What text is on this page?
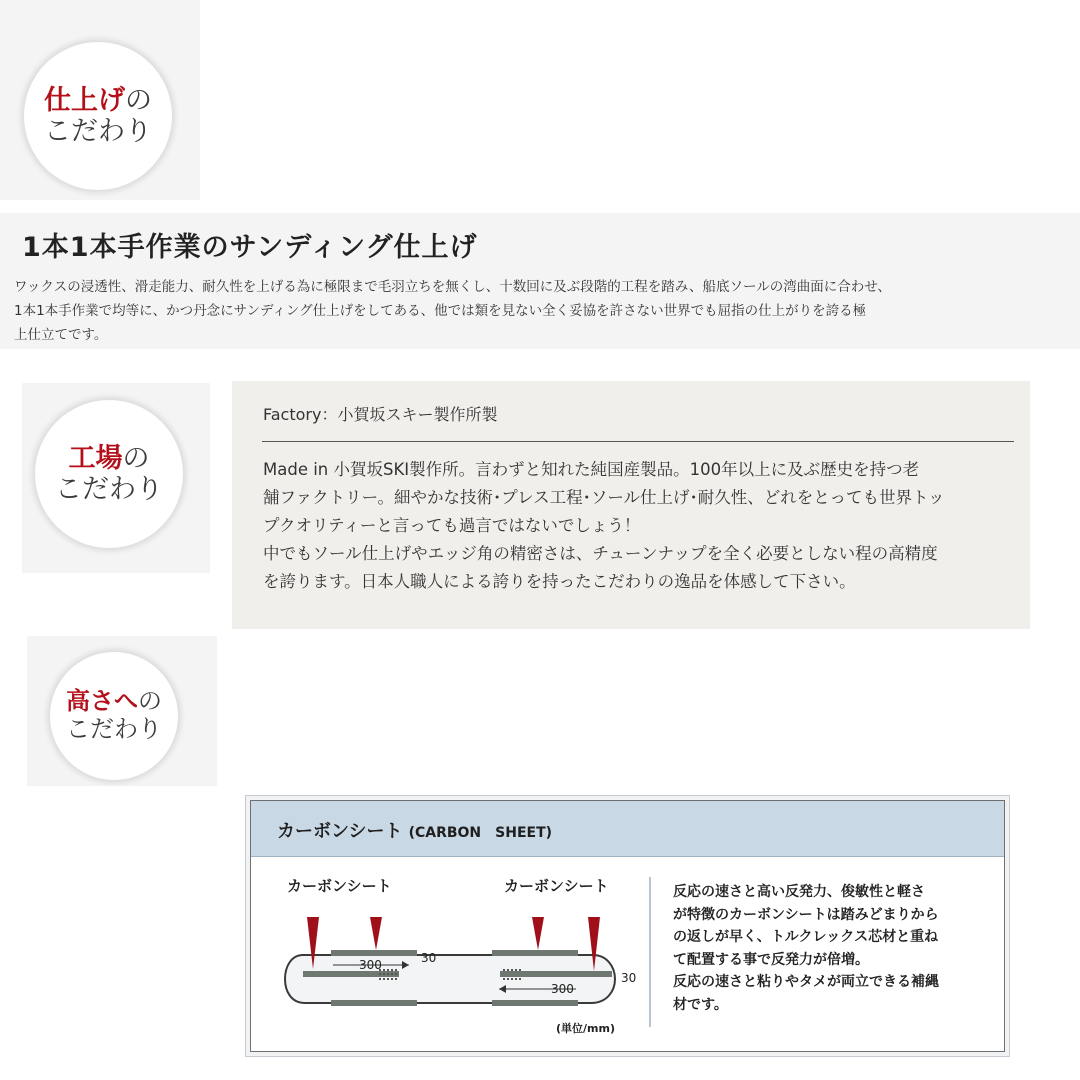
仕上げの
こだわり
1本1本手作業のサンディング仕上げ

ワックスの浸透性、滑走能力、耐久性を上げる為に極限まで毛羽立ちを無くし、十数回に及ぶ段階的工程を踏み、船底ソールの湾曲面に合わせ、
1本1本手作業で均等に、かつ丹念にサンディング仕上げをしてある、他では類を見ない全く妥協を許さない世界でも屈指の仕上がりを誇る極
上仕立てです。

工場の
こだわり
Factory：小賀坂スキー製作所製
Made in 小賀坂SKI製作所。言わずと知れた純国産製品。100年以上に及ぶ歴史を持つ老
舗ファクトリー。細やかな技術･プレス工程･ソール仕上げ･耐久性、どれをとっても世界トッ
プクオリティーと言っても過言ではないでしょう！
中でもソール仕上げやエッジ角の精密さは、チューンナップを全く必要としない程の高精度
を誇ります。日本人職人による誇りを持ったこだわりの逸品を体感して下さい。
高さへの
こだわり
カーボンシート (CARBON　SHEET)
カーボンシート	カーボンシート
300	30
300
30
(単位/mm)
反応の速さと高い反発力、俊敏性と軽さ
が特徴のカーボンシートは踏みどまりから
の返しが早く、トルクレックス芯材と重ね
て配置する事で反発力が倍増。
反応の速さと粘りやタメが両立できる補縄
材です。
